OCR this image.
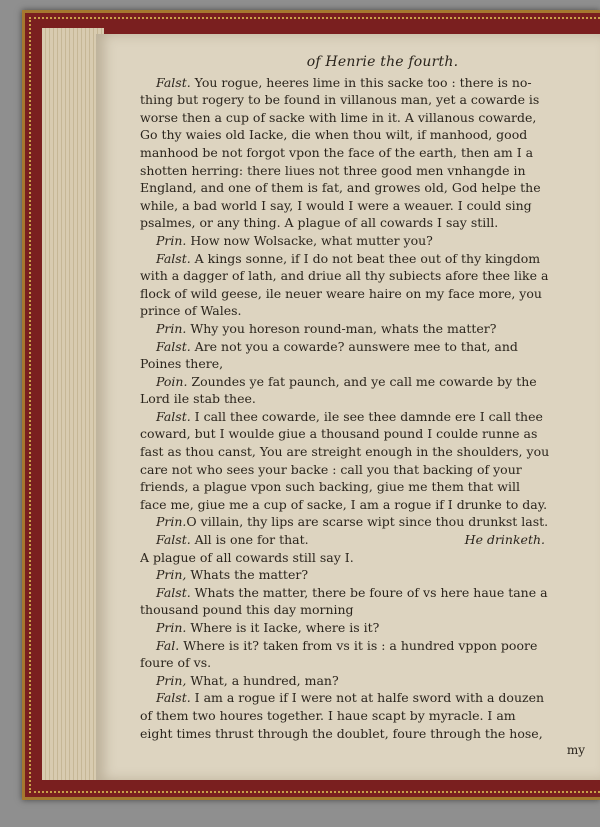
of Henrie the fourth.
Falst. You rogue, heeres lime in this sacke too : there is no-
thing but rogery to be found in villanous man, yet a cowarde is
worse then a cup of sacke with lime in it. A villanous cowarde,
Go thy waies old Iacke, die when thou wilt, if manhood, good
manhood be not forgot vpon the face of the earth, then am I a
shotten herring: there liues not three good men vnhangde in
England, and one of them is fat, and growes old, God helpe the
while, a bad world I say, I would I were a weauer. I could sing
psalmes, or any thing. A plague of all cowards I say still.
Prin. How now Wolsacke, what mutter you?
Falst. A kings sonne, if I do not beat thee out of thy kingdom
with a dagger of lath, and driue all thy subiects afore thee like a
flock of wild geese, ile neuer weare haire on my face more, you
prince of Wales.
Prin. Why you horeson round-man, whats the matter?
Falst. Are not you a cowarde? aunswere mee to that, and
Poines there,
Poin. Zoundes ye fat paunch, and ye call me cowarde by the
Lord ile stab thee.
Falst. I call thee cowarde, ile see thee damnde ere I call thee
coward, but I woulde giue a thousand pound I coulde runne as
fast as thou canst, You are streight enough in the shoulders, you
care not who sees your backe : call you that backing of your
friends, a plague vpon such backing, giue me them that will
face me, giue me a cup of sacke, I am a rogue if I drunke to day.
Prin.O villain, thy lips are scarse wipt since thou drunkst last.
Falst. All is one for that.	He drinketh.
A plague of all cowards still say I.
Prin, Whats the matter?
Falst. Whats the matter, there be foure of vs here haue tane a
thousand pound this day morning
Prin. Where is it Iacke, where is it?
Fal. Where is it? taken from vs it is : a hundred vppon poore
foure of vs.
Prin, What, a hundred, man?
Falst. I am a rogue if I were not at halfe sword with a douzen
of them two houres together. I haue scapt by myracle. I am
eight times thrust through the doublet, foure through the hose,
my
